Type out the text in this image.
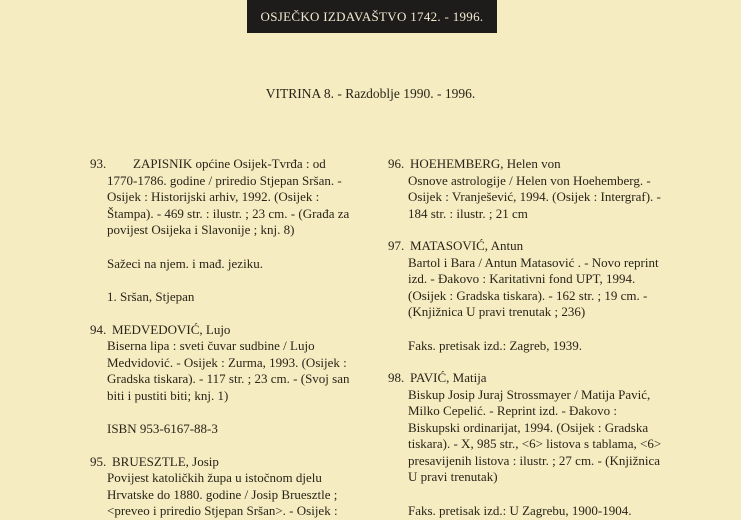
OSJEČKO IZDAVAŠTVO 1742. - 1996.
VITRINA 8. - Razdoblje 1990. - 1996.
93. ZAPISNIK općine Osijek-Tvrđa : od
1770-1786. godine / priredio Stjepan Sršan. - Osijek : Historijski arhiv, 1992. (Osijek : Štampa). - 469 str. : ilustr. ; 23 cm. - (Građa za povijest Osijeka i Slavonije ; knj. 8)
Sažeci na njem. i mađ. jeziku.
1. Sršan, Stjepan
94. MEDVEDOVIĆ, Lujo
Biserna lipa : sveti čuvar sudbine / Lujo Medvidović. - Osijek : Zurma, 1993. (Osijek : Gradska tiskara). - 117 str. ; 23 cm. - (Svoj san biti i pustiti biti; knj. 1)
ISBN 953-6167-88-3
95. BRUESZTLE, Josip
Povijest katoličkih župa u istočnom djelu Hrvatske do 1880. godine / Josip Bruesztle ; <preveo i priredio Stjepan Sršan>. - Osijek :
96. HOEHEMBERG, Helen von
Osnove astrologije / Helen von Hoehemberg. - Osijek : Vranješević, 1994. (Osijek : Intergraf). - 184 str. : ilustr. ; 21 cm
97. MATASOVIĆ, Antun
Bartol i Bara / Antun Matasović . - Novo reprint izd. - Đakovo : Karitativni fond UPT, 1994. (Osijek : Gradska tiskara). - 162 str. ; 19 cm. - (Knjižnica U pravi trenutak ; 236)
Faks. pretisak izd.: Zagreb, 1939.
98. PAVIĆ, Matija
Biskup Josip Juraj Strossmayer / Matija Pavić, Milko Cepelić. - Reprint izd. - Đakovo : Biskupski ordinarijat, 1994. (Osijek : Gradska tiskara). - X, 985 str., <6> listova s tablama, <6> presavijenih listova : ilustr. ; 27 cm. - (Knjižnica U pravi trenutak)
Faks. pretisak izd.: U Zagrebu, 1900-1904.
